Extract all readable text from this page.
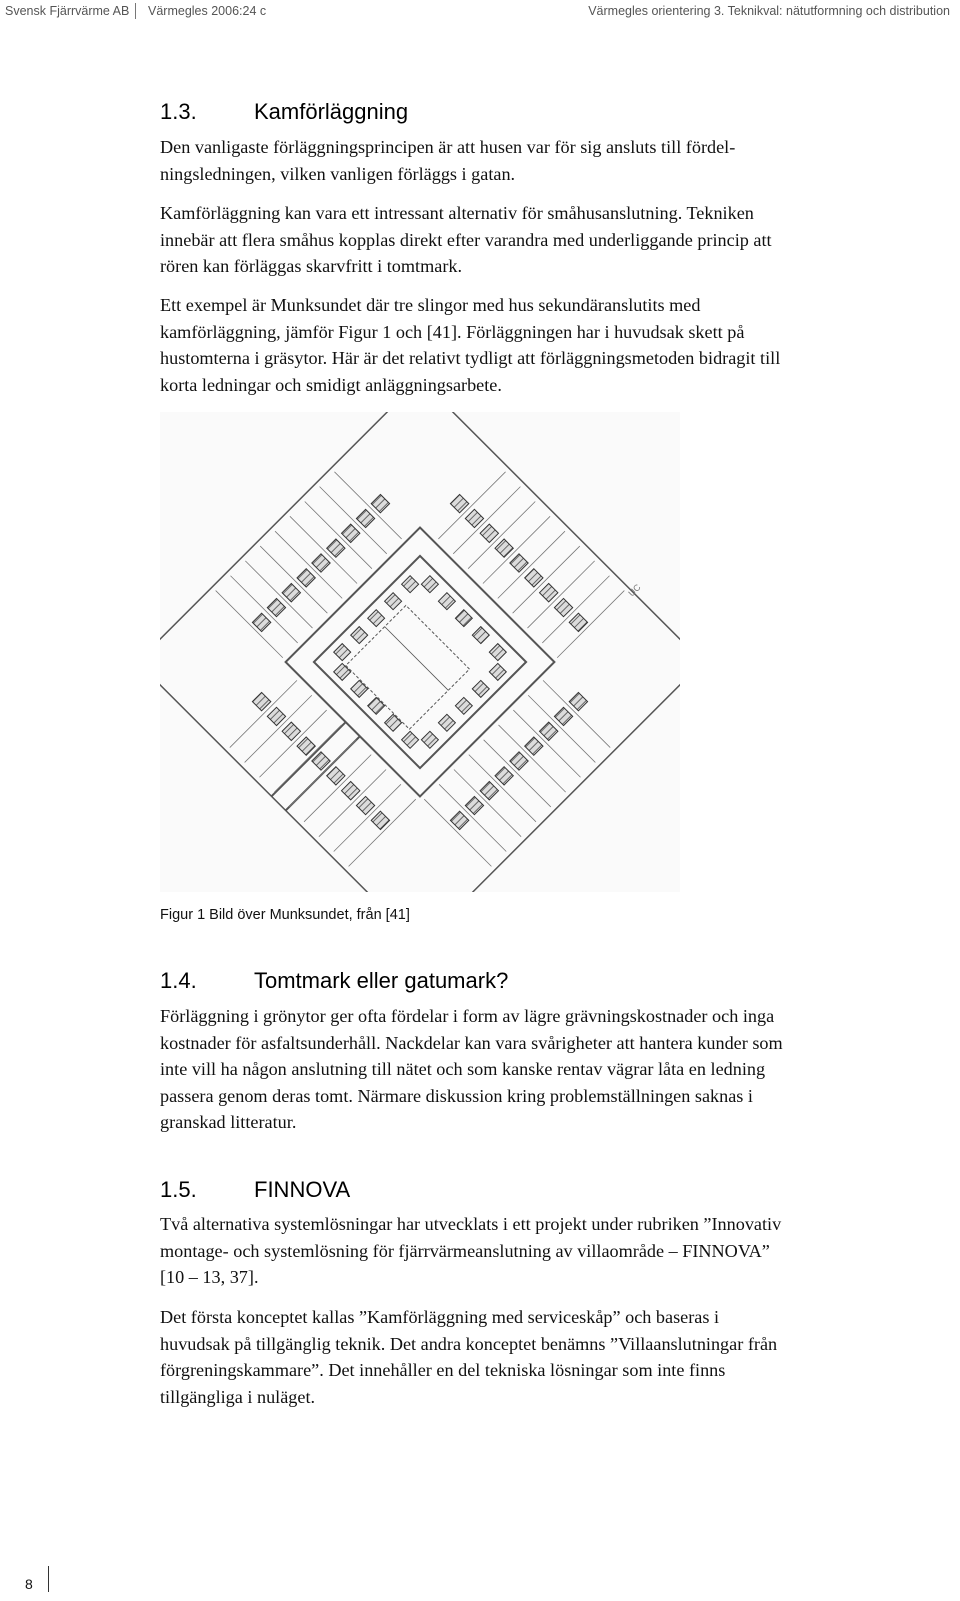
Svensk Fjärrvärme AB Värmegles 2006:24 c	Värmegles orientering 3. Teknikval: nätutformning och distribution
1.3.	Kamförläggning
Den vanligaste förläggningsprincipen är att husen var för sig ansluts till fördel-
ningsledningen, vilken vanligen förläggs i gatan.
Kamförläggning kan vara ett intressant alternativ för småhusanslutning. Tekniken
innebär att flera småhus kopplas direkt efter varandra med underliggande princip att
rören kan förläggas skarvfritt i tomtmark.
Ett exempel är Munksundet där tre slingor med hus sekundäranslutits med
kamförläggning, jämför Figur 1 och [41]. Förläggningen har i huvudsak skett på
hustomterna i gräsytor. Här är det relativt tydligt att förläggningsmetoden bidragit till
korta ledningar och smidigt anläggningsarbete.
UC
Figur 1 Bild över Munksundet, från [41]
1.4.	Tomtmark eller gatumark?
Förläggning i grönytor ger ofta fördelar i form av lägre grävningskostnader och inga
kostnader för asfaltsunderhåll. Nackdelar kan vara svårigheter att hantera kunder som
inte vill ha någon anslutning till nätet och som kanske rentav vägrar låta en ledning
passera genom deras tomt. Närmare diskussion kring problemställningen saknas i
granskad litteratur.
1.5.	FINNOVA
Två alternativa systemlösningar har utvecklats i ett projekt under rubriken ”Innovativ
montage- och systemlösning för fjärrvärmeanslutning av villaområde – FINNOVA”
[10 – 13, 37].
Det första konceptet kallas ”Kamförläggning med serviceskåp” och baseras i
huvudsak på tillgänglig teknik. Det andra konceptet benämns ”Villaanslutningar från
förgreningskammare”. Det innehåller en del tekniska lösningar som inte finns
tillgängliga i nuläget.
8
